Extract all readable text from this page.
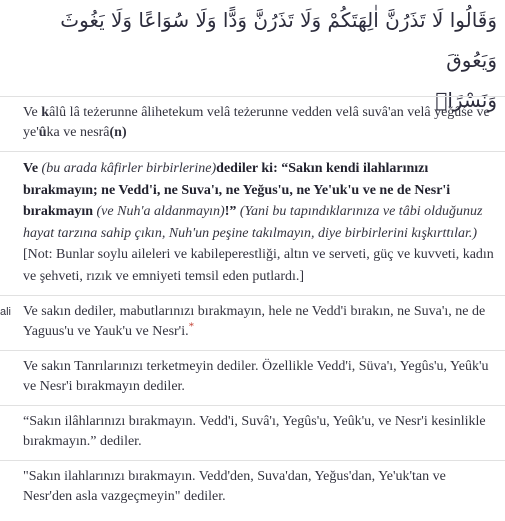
وَقَالُوا لَا تَذَرُنَّ اٰلِهَتَكُمْ وَلَا تَذَرُنَّ وَدًّا وَلَا سُوَاعًا وَلَا يَغُوثَ وَيَعُوقَ
وَنَسْرًاۚ
Ve kâlû lâ teżerunne âlihetekum velâ teżerunne vedden velâ suvâ'an velâ yeğûśe ve ye'ûka ve nesrâ(n)
Ve (bu arada kâfirler birbirlerine)dediler ki: “Sakın kendi ilahlarınızı bırakmayın; ne Vedd'i, ne Suva'ı, ne Yeğus'u, ne Ye'uk'u ve ne de Nesr'i bırakmayın (ve Nuh'a aldanmayın)!” (Yani bu tapındıklarınıza ve tâbi olduğunuz hayat tarzına sahip çıkın, Nuh'un peşine takılmayın, diye birbirlerini kışkırttılar.) [Not: Bunlar soylu aileleri ve kabileperestliği, altın ve serveti, güç ve kuvveti, kadın ve şehveti, rızık ve emniyeti temsil eden putlardı.]
ali Ve sakın dediler, mabutlarınızı bırakmayın, hele ne Vedd'i bırakın, ne Suva'ı, ne de Yaguus'u ve Yauk'u ve Nesr'i.*
Ve sakın Tanrılarınızı terketmeyin dediler. Özellikle Vedd'i, Süva'ı, Yegûs'u, Yeûk'u ve Nesr'i bırakmayın dediler.
“Sakın ilâhlarınızı bırakmayın. Vedd'i, Suvâ'ı, Yegûs'u, Yeûk'u, ve Nesr'i kesinlikle bırakmayın.” dediler.
"Sakın ilahlarınızı bırakmayın. Vedd'den, Suva'dan, Yeğus'dan, Ye'uk'tan ve Nesr'den asla vazgeçmeyin" dediler.
